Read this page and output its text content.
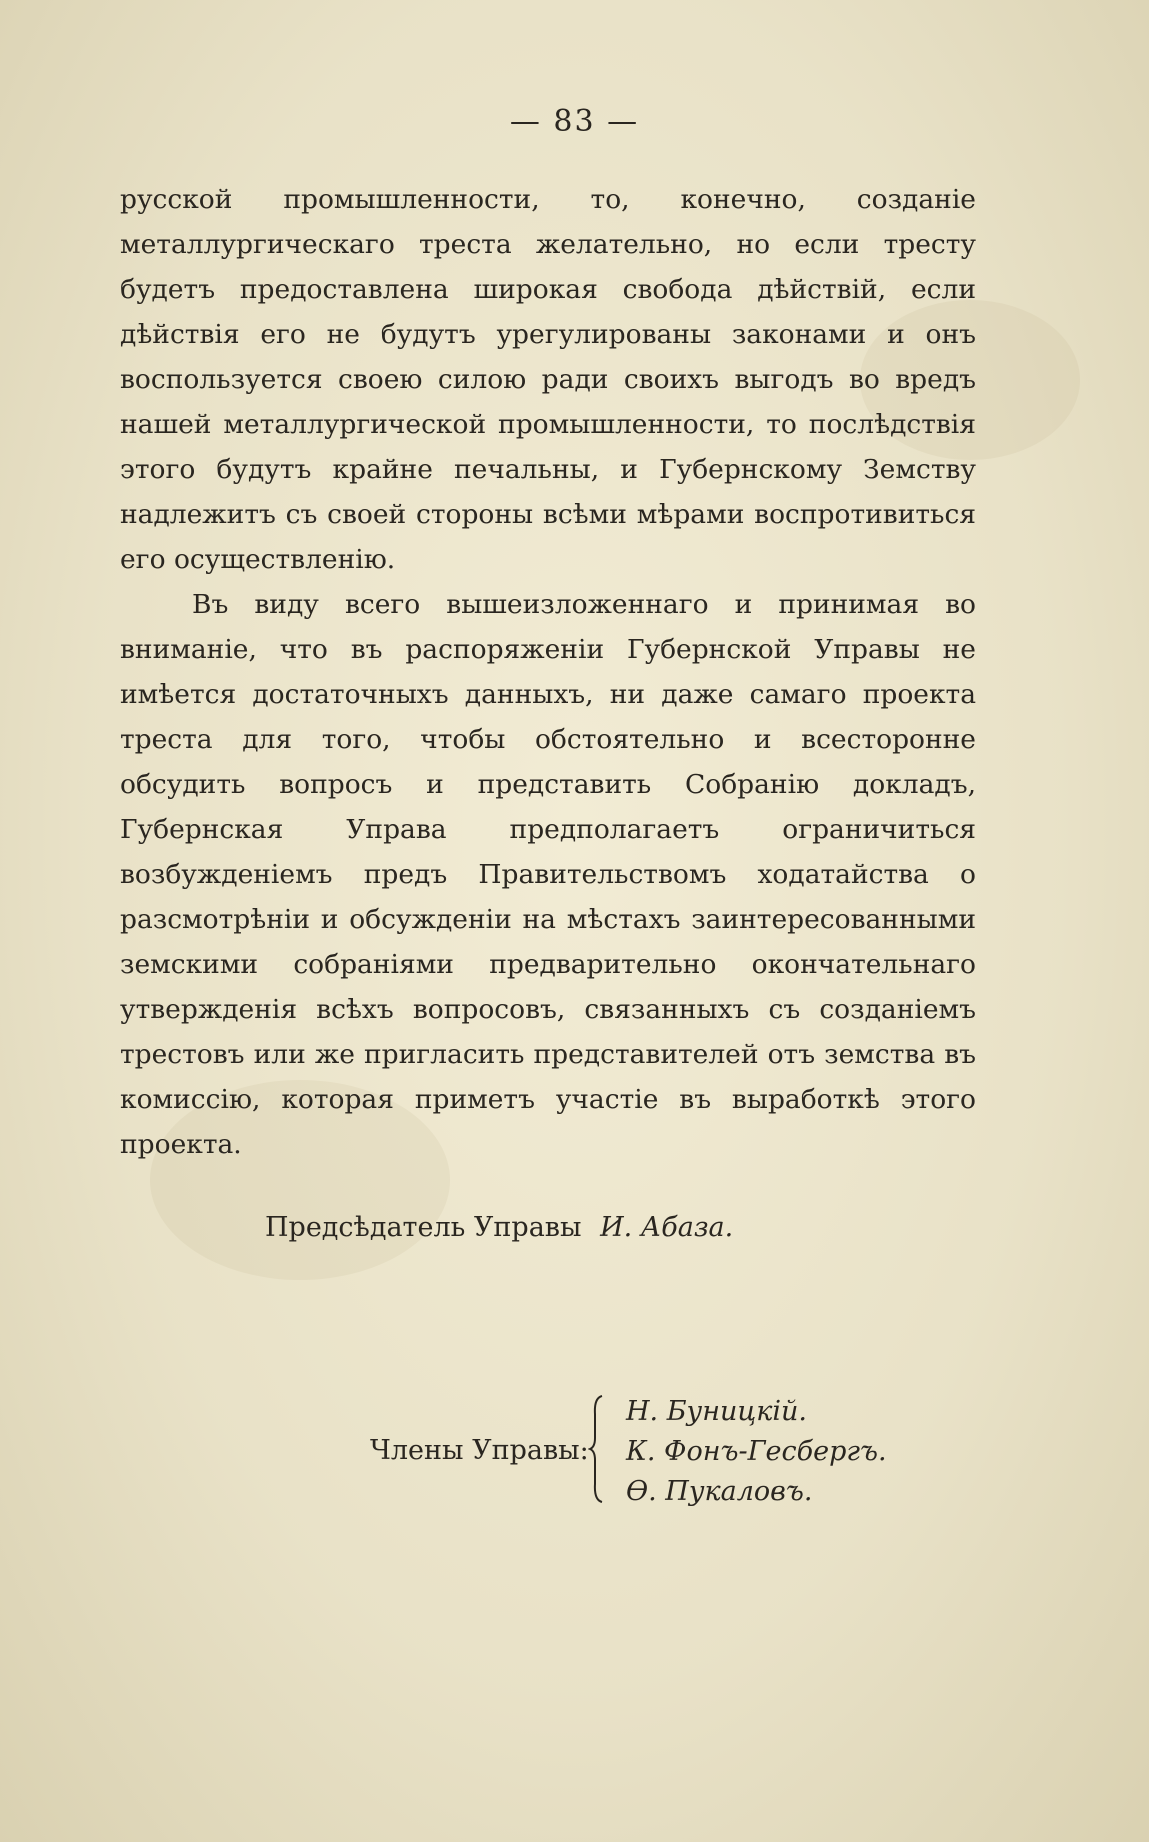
— 83 —

русской промышленности, то, конечно, созданіе металлургическаго треста желательно, но если тресту будетъ предоставлена широкая свобода дѣйствій, если дѣйствія его не будутъ урегулированы законами и онъ воспользуется своею силою ради своихъ выгодъ во вредъ нашей металлургической промышленности, то послѣдствія этого будутъ крайне печальны, и Губернскому Земству надлежитъ съ своей стороны всѣми мѣрами воспротивиться его осуществленію.

Въ виду всего вышеизложеннаго и принимая во вниманіе, что въ распоряженіи Губернской Управы не имѣется достаточныхъ данныхъ, ни даже самаго проекта треста для того, чтобы обстоятельно и всесторонне обсудить вопросъ и представить Собранію докладъ, Губернская Управа предполагаетъ ограничиться возбужденіемъ предъ Правительствомъ ходатайства о разсмотрѣніи и обсужденіи на мѣстахъ заинтересованными земскими собраніями предварительно окончательнаго утвержденія всѣхъ вопросовъ, связанныхъ съ созданіемъ трестовъ или же пригласить представителей отъ земства въ комиссію, которая приметъ участіе въ выработкѣ этого проекта.

Предсѣдатель Управы И. Абаза.
Члены Управы:
Н. Буницкій.
К. Фонъ-Гесбергъ.
Ѳ. Пукаловъ.
